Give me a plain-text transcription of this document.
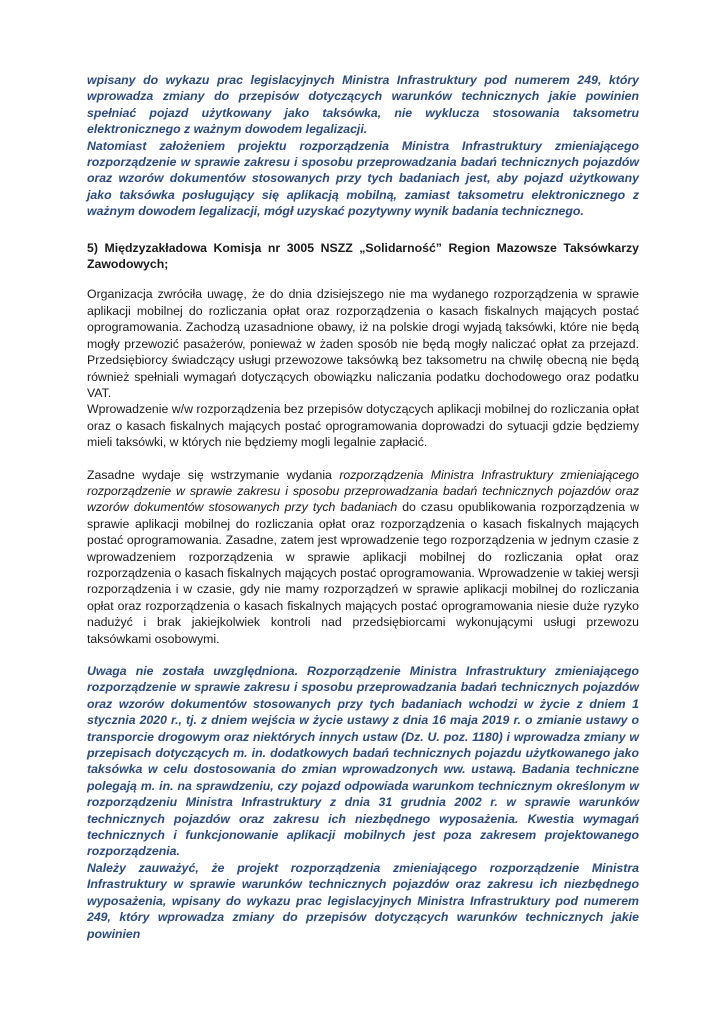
wpisany do wykazu prac legislacyjnych Ministra Infrastruktury pod numerem 249, który wprowadza zmiany do przepisów dotyczących warunków technicznych jakie powinien spełniać pojazd użytkowany jako taksówka, nie wyklucza stosowania taksometru elektronicznego z ważnym dowodem legalizacji.

Natomiast założeniem projektu rozporządzenia Ministra Infrastruktury zmieniającego rozporządzenie w sprawie zakresu i sposobu przeprowadzania badań technicznych pojazdów oraz wzorów dokumentów stosowanych przy tych badaniach jest, aby pojazd użytkowany jako taksówka posługujący się aplikacją mobilną, zamiast taksometru elektronicznego z ważnym dowodem legalizacji, mógł uzyskać pozytywny wynik badania technicznego.

5) Międzyzakładowa Komisja nr 3005 NSZZ „Solidarność” Region Mazowsze Taksówkarzy Zawodowych;

Organizacja zwróciła uwagę, że do dnia dzisiejszego nie ma wydanego rozporządzenia w sprawie aplikacji mobilnej do rozliczania opłat oraz rozporządzenia o kasach fiskalnych mających postać oprogramowania. Zachodzą uzasadnione obawy, iż na polskie drogi wyjadą taksówki, które nie będą mogły przewozić pasażerów, ponieważ w żaden sposób nie będą mogły naliczać opłat za przejazd. Przedsiębiorcy świadczący usługi przewozowe taksówką bez taksometru na chwilę obecną nie będą również spełniali wymagań dotyczących obowiązku naliczania podatku dochodowego oraz podatku VAT.

Wprowadzenie w/w rozporządzenia bez przepisów dotyczących aplikacji mobilnej do rozliczania opłat oraz o kasach fiskalnych mających postać oprogramowania doprowadzi do sytuacji gdzie będziemy mieli taksówki, w których nie będziemy mogli legalnie zapłacić.

Zasadne wydaje się wstrzymanie wydania rozporządzenia Ministra Infrastruktury zmieniającego rozporządzenie w sprawie zakresu i sposobu przeprowadzania badań technicznych pojazdów oraz wzorów dokumentów stosowanych przy tych badaniach do czasu opublikowania rozporządzenia w sprawie aplikacji mobilnej do rozliczania opłat oraz rozporządzenia o kasach fiskalnych mających postać oprogramowania. Zasadne, zatem jest wprowadzenie tego rozporządzenia w jednym czasie z wprowadzeniem rozporządzenia w sprawie aplikacji mobilnej do rozliczania opłat oraz rozporządzenia o kasach fiskalnych mających postać oprogramowania. Wprowadzenie w takiej wersji rozporządzenia i w czasie, gdy nie mamy rozporządzeń w sprawie aplikacji mobilnej do rozliczania opłat oraz rozporządzenia o kasach fiskalnych mających postać oprogramowania niesie duże ryzyko nadużyć i brak jakiejkolwiek kontroli nad przedsiębiorcami wykonującymi usługi przewozu taksówkami osobowymi.

Uwaga nie została uwzględniona. Rozporządzenie Ministra Infrastruktury zmieniającego rozporządzenie w sprawie zakresu i sposobu przeprowadzania badań technicznych pojazdów oraz wzorów dokumentów stosowanych przy tych badaniach wchodzi w życie z dniem 1 stycznia 2020 r., tj. z dniem wejścia w życie ustawy z dnia 16 maja 2019 r. o zmianie ustawy o transporcie drogowym oraz niektórych innych ustaw (Dz. U. poz. 1180) i wprowadza zmiany w przepisach dotyczących m. in. dodatkowych badań technicznych pojazdu użytkowanego jako taksówka w celu dostosowania do zmian wprowadzonych ww. ustawą. Badania techniczne polegają m. in. na sprawdzeniu, czy pojazd odpowiada warunkom technicznym określonym w rozporządzeniu Ministra Infrastruktury z dnia 31 grudnia 2002 r. w sprawie warunków technicznych pojazdów oraz zakresu ich niezbędnego wyposażenia. Kwestia wymagań technicznych i funkcjonowanie aplikacji mobilnych jest poza zakresem projektowanego rozporządzenia.

Należy zauważyć, że projekt rozporządzenia zmieniającego rozporządzenie Ministra Infrastruktury w sprawie warunków technicznych pojazdów oraz zakresu ich niezbędnego wyposażenia, wpisany do wykazu prac legislacyjnych Ministra Infrastruktury pod numerem 249, który wprowadza zmiany do przepisów dotyczących warunków technicznych jakie powinien
